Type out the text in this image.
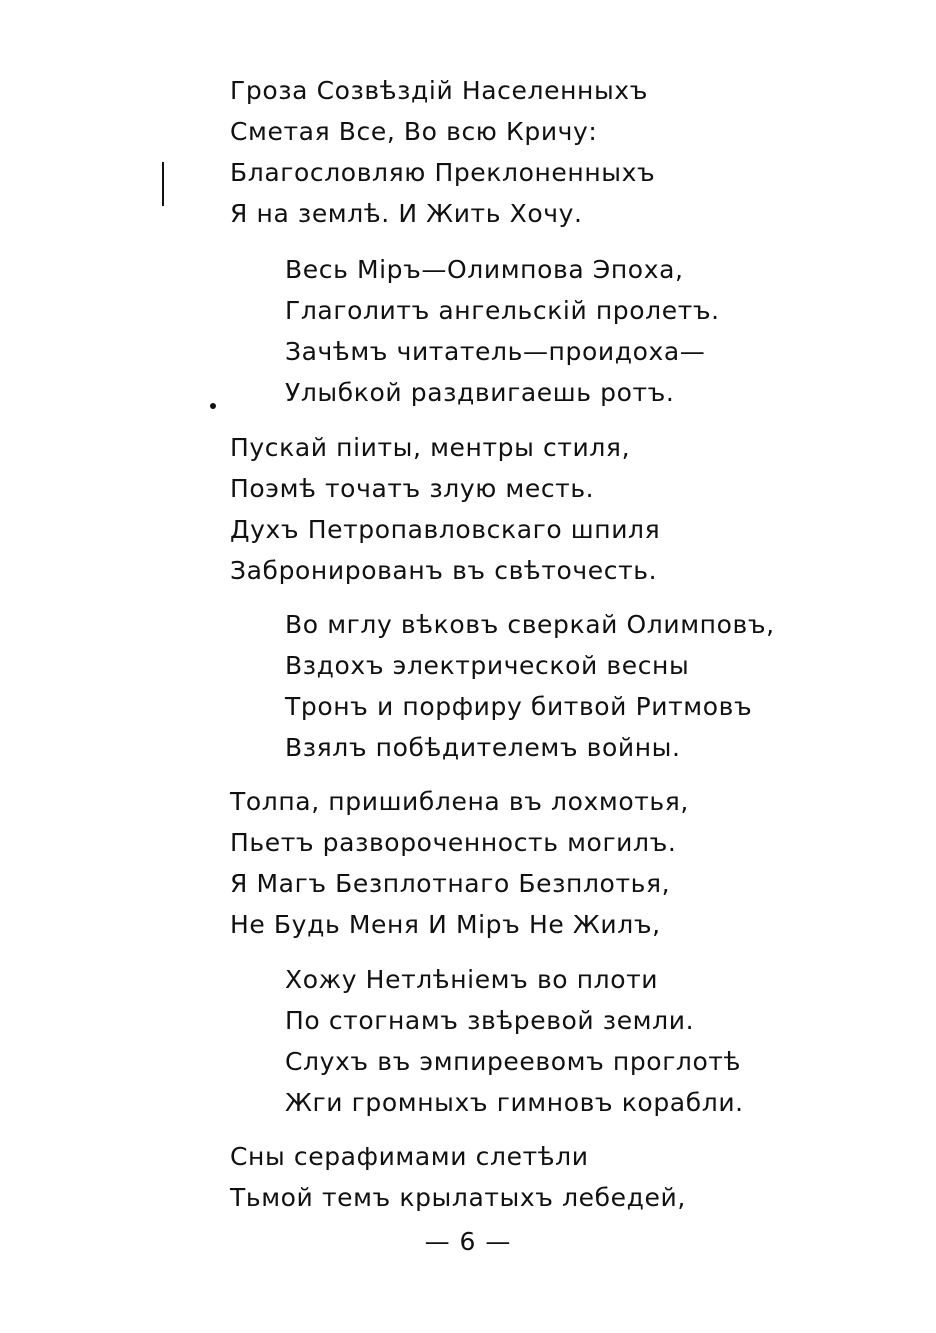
Гроза Созвѣздій Населенныхъ
Сметая Все, Во всю Кричу:
Благословляю Преклоненныхъ
Я на землѣ. И Жить Хочу.
Весь Міръ—Олимпова Эпоха,
Глаголитъ ангельскій пролетъ.
Зачѣмъ читатель—проидоха—
Улыбкой раздвигаешь ротъ.
Пускай піиты, ментры стиля,
Поэмѣ точатъ злую месть.
Духъ Петропавловскаго шпиля
Забронированъ въ свѣточесть.
Во мглу вѣковъ сверкай Олимповъ,
Вздохъ электрической весны
Тронъ и порфиру битвой Ритмовъ
Взялъ побѣдителемъ войны.
Толпа, пришиблена въ лохмотья,
Пьетъ развороченность могилъ.
Я Магъ Безплотнаго Безплотья,
Не Будь Меня И Міръ Не Жилъ,
Хожу Нетлѣніемъ во плоти
По стогнамъ звѣревой земли.
Слухъ въ эмпиреевомъ проглотѣ
Жги громныхъ гимновъ корабли.
Сны серафимами слетѣли
Тьмой темъ крылатыхъ лебедей,
— 6 —
